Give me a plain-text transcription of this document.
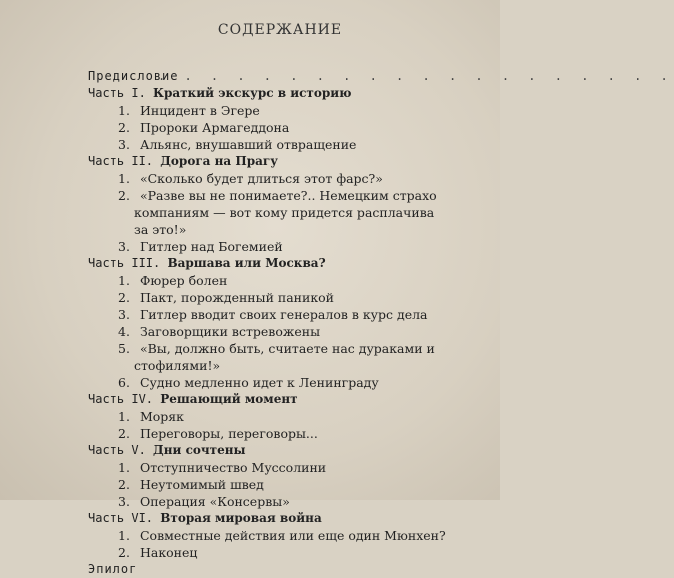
СОДЕРЖАНИЕ
Предисловие
. . . . . . . . . . . . . . . . . . . .
Часть I. Краткий экскурс в историю
1. Инцидент в Эгере
2. Пророки Армагеддона
3. Альянс, внушавший отвращение
Часть II. Дорога на Прагу
1. «Сколько будет длиться этот фарс?»
2. «Разве вы не понимаете?.. Немецким страхо
компаниям — вот кому придется расплачива
за это!»
3. Гитлер над Богемией
Часть III. Варшава или Москва?
1. Фюрер болен
2. Пакт, порожденный паникой
3. Гитлер вводит своих генералов в курс дела
4. Заговорщики встревожены
5. «Вы, должно быть, считаете нас дураками и
стофилями!»
6. Судно медленно идет к Ленинграду
Часть IV. Решающий момент
1. Моряк
2. Переговоры, переговоры...
Часть V. Дни сочтены
1. Отступничество Муссолини
2. Неутомимый швед
3. Операция «Консервы»
Часть VI. Вторая мировая война
1. Совместные действия или еще один Мюнхен?
2. Наконец
Эпилог
